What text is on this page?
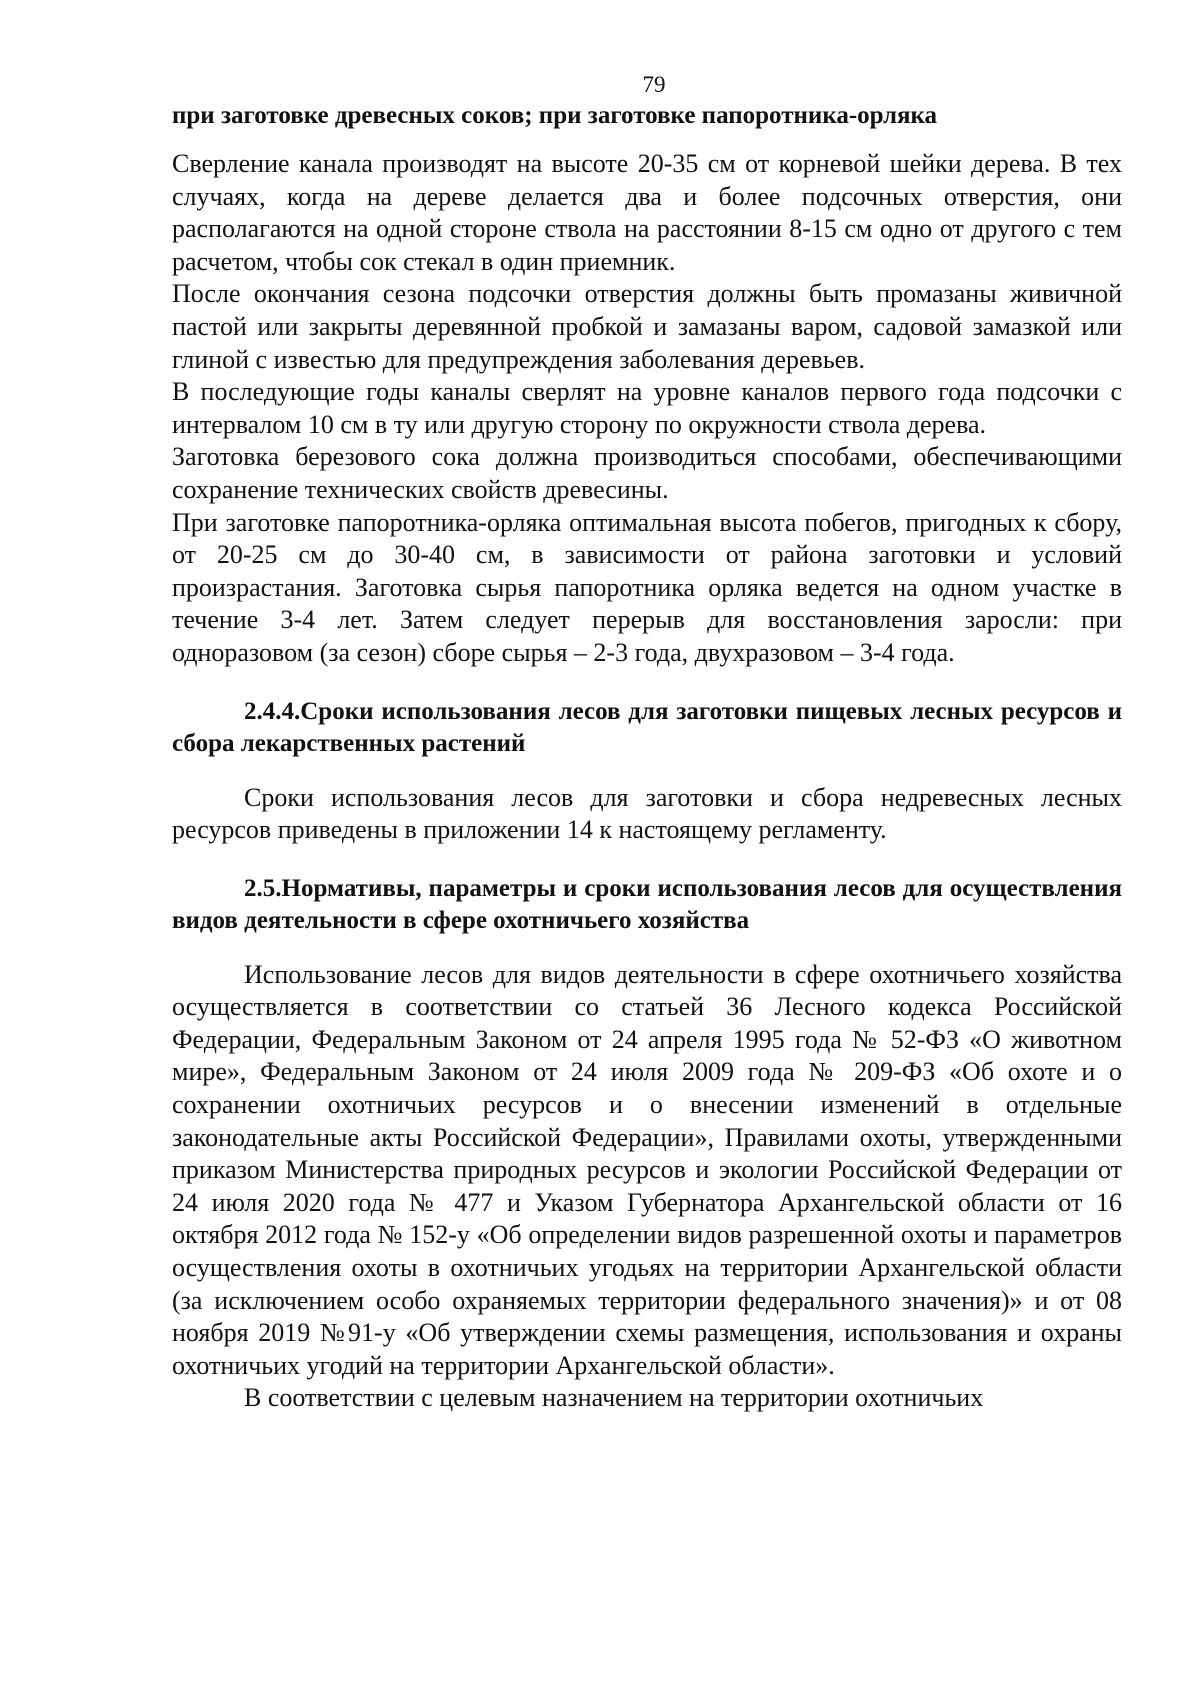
79
при заготовке древесных соков; при заготовке папоротника-орляка

Сверление канала производят на высоте 20-35 см от корневой шейки дерева. В тех случаях, когда на дереве делается два и более подсочных отверстия, они располагаются на одной стороне ствола на расстоянии 8-15 см одно от другого с тем расчетом, чтобы сок стекал в один приемник.

После окончания сезона подсочки отверстия должны быть промазаны живичной пастой или закрыты деревянной пробкой и замазаны варом, садовой замазкой или глиной с известью для предупреждения заболевания деревьев.

В последующие годы каналы сверлят на уровне каналов первого года подсочки с интервалом 10 см в ту или другую сторону по окружности ствола дерева.

Заготовка березового сока должна производиться способами, обеспечивающими сохранение технических свойств древесины.

При заготовке папоротника-орляка оптимальная высота побегов, пригодных к сбору, от 20-25 см до 30-40 см, в зависимости от района заготовки и условий произрастания. Заготовка сырья папоротника орляка ведется на одном участке в течение 3-4 лет. Затем следует перерыв для восстановления заросли: при одноразовом (за сезон) сборе сырья – 2-3 года, двухразовом – 3-4 года.

2.4.4.Сроки использования лесов для заготовки пищевых лесных ресурсов и сбора лекарственных растений

Сроки использования лесов для заготовки и сбора недревесных лесных ресурсов приведены в приложении 14 к настоящему регламенту.

2.5.Нормативы, параметры и сроки использования лесов для осуществления видов деятельности в сфере охотничьего хозяйства

Использование лесов для видов деятельности в сфере охотничьего хозяйства осуществляется в соответствии со статьей 36 Лесного кодекса Российской Федерации, Федеральным Законом от 24 апреля 1995 года № 52-ФЗ «О животном мире», Федеральным Законом от 24 июля 2009 года № 209-ФЗ «Об охоте и о сохранении охотничьих ресурсов и о внесении изменений в отдельные законодательные акты Российской Федерации», Правилами охоты, утвержденными приказом Министерства природных ресурсов и экологии Российской Федерации от 24 июля 2020 года № 477 и Указом Губернатора Архангельской области от 16 октября 2012 года № 152-у «Об определении видов разрешенной охоты и параметров осуществления охоты в охотничьих угодьях на территории Архангельской области (за исключением особо охраняемых территории федерального значения)» и от 08 ноября 2019 №91-у «Об утверждении схемы размещения, использования и охраны охотничьих угодий на территории Архангельской области».

В соответствии с целевым назначением на территории охотничьих
